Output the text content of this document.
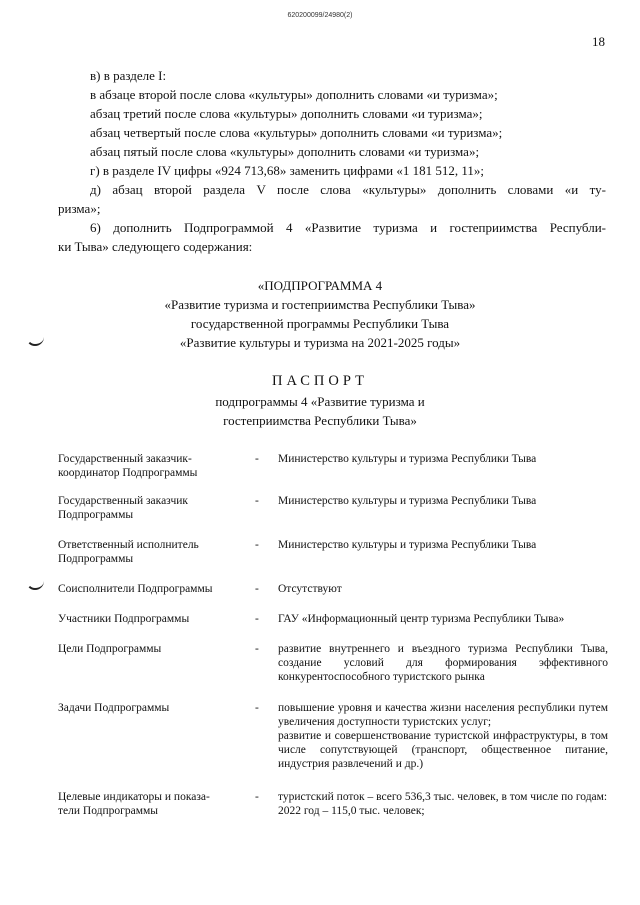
620200099/24980(2)
18
в) в разделе I:
в абзаце второй после слова «культуры» дополнить словами «и туризма»;
абзац третий после слова «культуры» дополнить словами «и туризма»;
абзац четвертый после слова «культуры» дополнить словами «и туризма»;
абзац пятый после слова «культуры» дополнить словами «и туризма»;
г) в разделе IV цифры «924 713,68» заменить цифрами «1 181 512, 11»;
д) абзац второй раздела V после слова «культуры» дополнить словами «и ту-
ризма»;
6) дополнить Подпрограммой 4 «Развитие туризма и гостеприимства Республи-
ки Тыва» следующего содержания:
«ПОДПРОГРАММА 4
«Развитие туризма и гостеприимства Республики Тыва»
государственной программы Республики Тыва
«Развитие культуры и туризма на 2021-2025 годы»
ПАСПОРТ
подпрограммы 4 «Развитие туризма и
гостеприимства Республики Тыва»
Государственный заказчик-
координатор Подпрограммы
- Министерство культуры и туризма Республики Тыва
Государственный заказчик
Подпрограммы
- Министерство культуры и туризма Республики Тыва
Ответственный исполнитель
Подпрограммы
- Министерство культуры и туризма Республики Тыва
Соисполнители Подпрограммы	- Отсутствуют
Участники Подпрограммы	- ГАУ «Информационный центр туризма Республики Тыва»
Цели Подпрограммы	- развитие внутреннего и въездного туризма Республики Тыва, создание условий для формирования эффективного конкурентоспособного туристского рынка
Задачи Подпрограммы	- повышение уровня и качества жизни населения республики путем увеличения доступности туристских услуг;
развитие и совершенствование туристской инфраструктуры, в том числе сопутствующей (транспорт, общественное питание, индустрия развлечений и др.)
Целевые индикаторы и показа-
тели Подпрограммы
- туристский поток – всего 536,3 тыс. человек, в том числе по годам:
2022 год – 115,0 тыс. человек;
